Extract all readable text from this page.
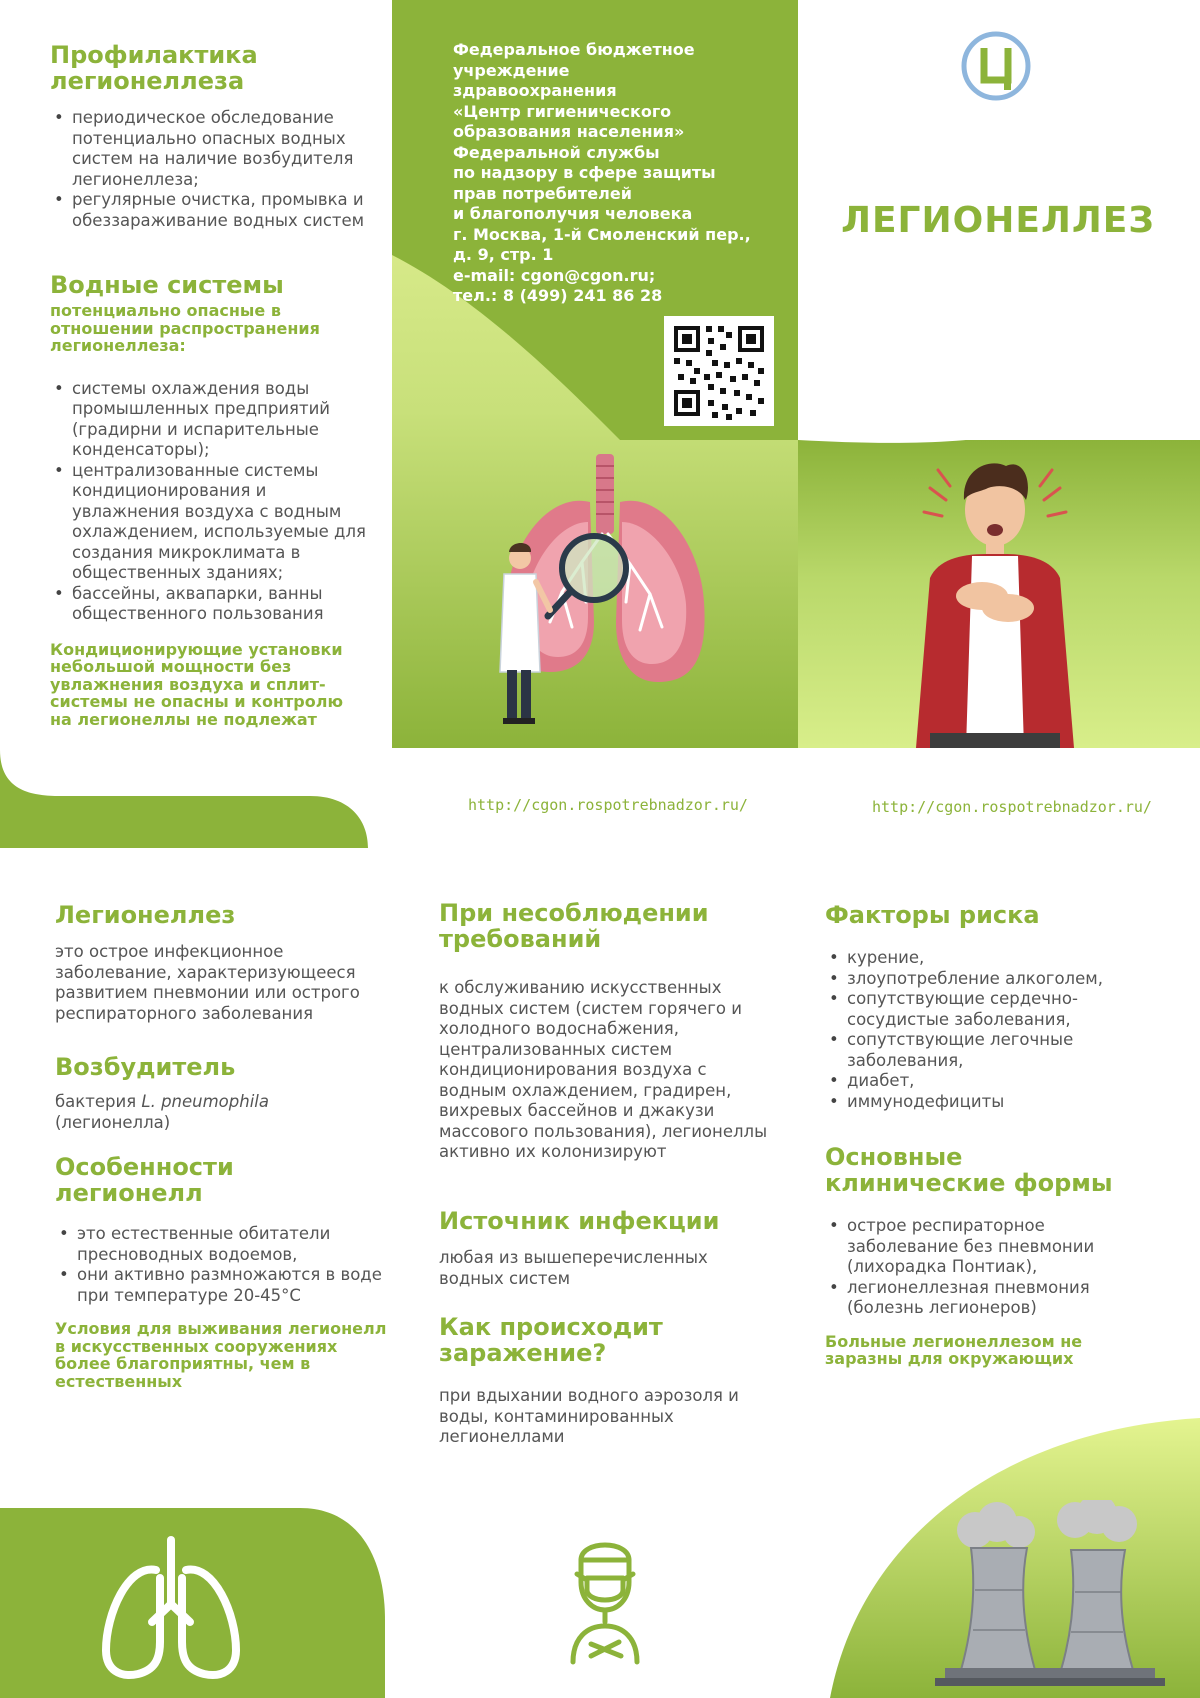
Профилактика
легионеллеза
• периодическое обследование потенциально опасных водных систем на наличие возбудителя легионеллеза;
• регулярные очистка, промывка и обеззараживание водных систем
Водные системы
потенциально опасные в отношении распространения легионеллеза:
• системы охлаждения воды промышленных предприятий (градирни и испарительные конденсаторы);
• централизованные системы кондиционирования и увлажнения воздуха с водным охлаждением, используемые для создания микроклимата в общественных зданиях;
• бассейны, аквапарки, ванны общественного пользования
Кондиционирующие установки небольшой мощности без увлажнения воздуха и сплит-системы не опасны и контролю на легионеллы не подлежат
Федеральное бюджетное
учреждение
здравоохранения
«Центр гигиенического
образования населения»
Федеральной службы
по надзору в сфере защиты
прав потребителей
и благополучия человека
г. Москва, 1-й Смоленский пер.,
д. 9, стр. 1
e-mail: cgon@cgon.ru;
тел.: 8 (499) 241 86 28
ЛЕГИОНЕЛЛЕЗ
http://cgon.rospotrebnadzor.ru/	http://cgon.rospotrebnadzor.ru/
Легионеллез

это острое инфекционное заболевание, характеризующееся развитием пневмонии или острого респираторного заболевания

Возбудитель

бактерия L. pneumophila
(легионелла)

Особенности
легионелл
• это естественные обитатели пресноводных водоемов,
• они активно размножаются в воде при температуре 20-45°С
Условия для выживания легионелл в искусственных сооружениях более благоприятны, чем в естественных
При несоблюдении
требований

к обслуживанию искусственных водных систем (систем горячего и холодного водоснабжения, централизованных систем кондиционирования воздуха с водным охлаждением, градирен, вихревых бассейнов и джакузи массового пользования), легионеллы активно их колонизируют

Источник инфекции

любая из вышеперечисленных водных систем

Как происходит
заражение?

при вдыхании водного аэрозоля и воды, контаминированных легионеллами

Факторы риска
• курение,
• злоупотребление алкоголем,
• сопутствующие сердечно-сосудистые заболевания,
• сопутствующие легочные заболевания,
• диабет,
• иммунодефициты
Основные
клинические формы
• острое респираторное заболевание без пневмонии (лихорадка Понтиак),
• легионеллезная пневмония (болезнь легионеров)
Больные легионеллезом не заразны для окружающих
